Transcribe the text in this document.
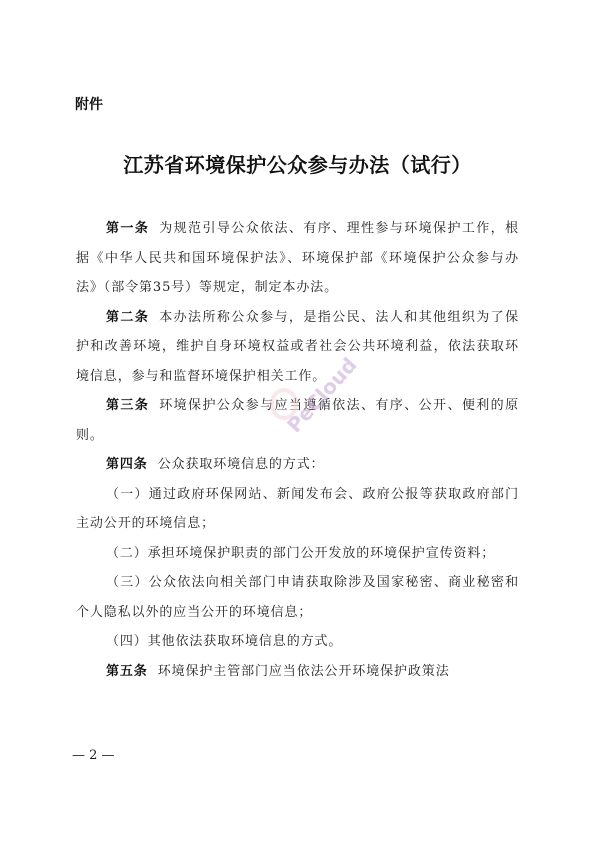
附件
江苏省环境保护公众参与办法（试行）

第一条 为规范引导公众依法、有序、理性参与环境保护工作，根据《中华人民共和国环境保护法》、环境保护部《环境保护公众参与办法》（部令第35号）等规定，制定本办法。

第二条 本办法所称公众参与，是指公民、法人和其他组织为了保护和改善环境，维护自身环境权益或者社会公共环境利益，依法获取环境信息，参与和监督环境保护相关工作。

第三条 环境保护公众参与应当遵循依法、有序、公开、便利的原则。

第四条 公众获取环境信息的方式：

（一）通过政府环保网站、新闻发布会、政府公报等获取政府部门主动公开的环境信息；

（二）承担环境保护职责的部门公开发放的环境保护宣传资料；

（三）公众依法向相关部门申请获取除涉及国家秘密、商业秘密和个人隐私以外的应当公开的环境信息；

（四）其他依法获取环境信息的方式。

第五条 环境保护主管部门应当依法公开环境保护政策法

PeCloud
— 2 —
